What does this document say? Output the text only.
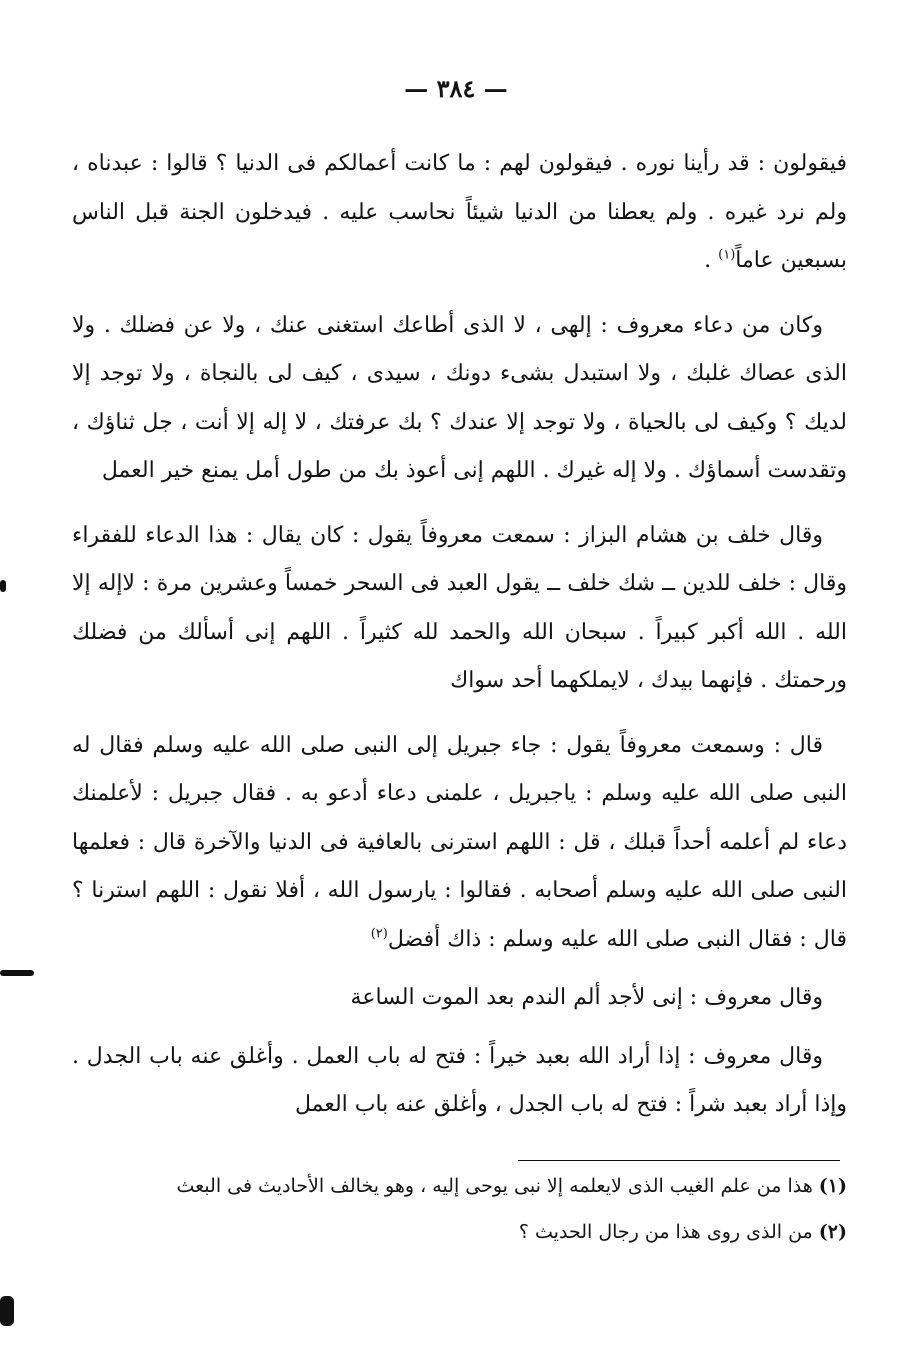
— ٣٨٤ —

فيقولون : قد رأينا نوره . فيقولون لهم : ما كانت أعمالكم فى الدنيا ؟ قالوا : عبدناه ، ولم نرد غيره . ولم يعطنا من الدنيا شيئاً نحاسب عليه . فيدخلون الجنة قبل الناس بسبعين عاماً$^{(١)}$ .

وكان من دعاء معروف : إلهى ، لا الذى أطاعك استغنى عنك ، ولا عن فضلك . ولا الذى عصاك غلبك ، ولا استبدل بشىء دونك ، سيدى ، كيف لى بالنجاة ، ولا توجد إلا لديك ؟ وكيف لى بالحياة ، ولا توجد إلا عندك ؟ بك عرفتك ، لا إله إلا أنت ، جل ثناؤك ، وتقدست أسماؤك . ولا إله غيرك . اللهم إنى أعوذ بك من طول أمل يمنع خير العمل

وقال خلف بن هشام البزاز : سمعت معروفاً يقول : كان يقال : هذا الدعاء للفقراء وقال : خلف للدين ــ شك خلف ــ يقول العبد فى السحر خمساً وعشرين مرة : لاإله إلا الله . الله أكبر كبيراً . سبحان الله والحمد لله كثيراً . اللهم إنى أسألك من فضلك ورحمتك . فإنهما بيدك ، لايملكهما أحد سواك

قال : وسمعت معروفاً يقول : جاء جبريل إلى النبى صلى الله عليه وسلم فقال له النبى صلى الله عليه وسلم : ياجبريل ، علمنى دعاء أدعو به . فقال جبريل : لأعلمنك دعاء لم أعلمه أحداً قبلك ، قل : اللهم استرنى بالعافية فى الدنيا والآخرة قال : فعلمها النبى صلى الله عليه وسلم أصحابه . فقالوا : يارسول الله ، أفلا نقول : اللهم استرنا ؟ قال : فقال النبى صلى الله عليه وسلم : ذاك أفضل$^{(٢)}$

وقال معروف : إنى لأجد ألم الندم بعد الموت الساعة

وقال معروف : إذا أراد الله بعبد خيراً : فتح له باب العمل . وأغلق عنه باب الجدل . وإذا أراد بعبد شراً : فتح له باب الجدل ، وأغلق عنه باب العمل

(١) هذا من علم الغيب الذى لايعلمه إلا نبى يوحى إليه ، وهو يخالف الأحاديث فى البعث

(٢) من الذى روى هذا من رجال الحديث ؟
